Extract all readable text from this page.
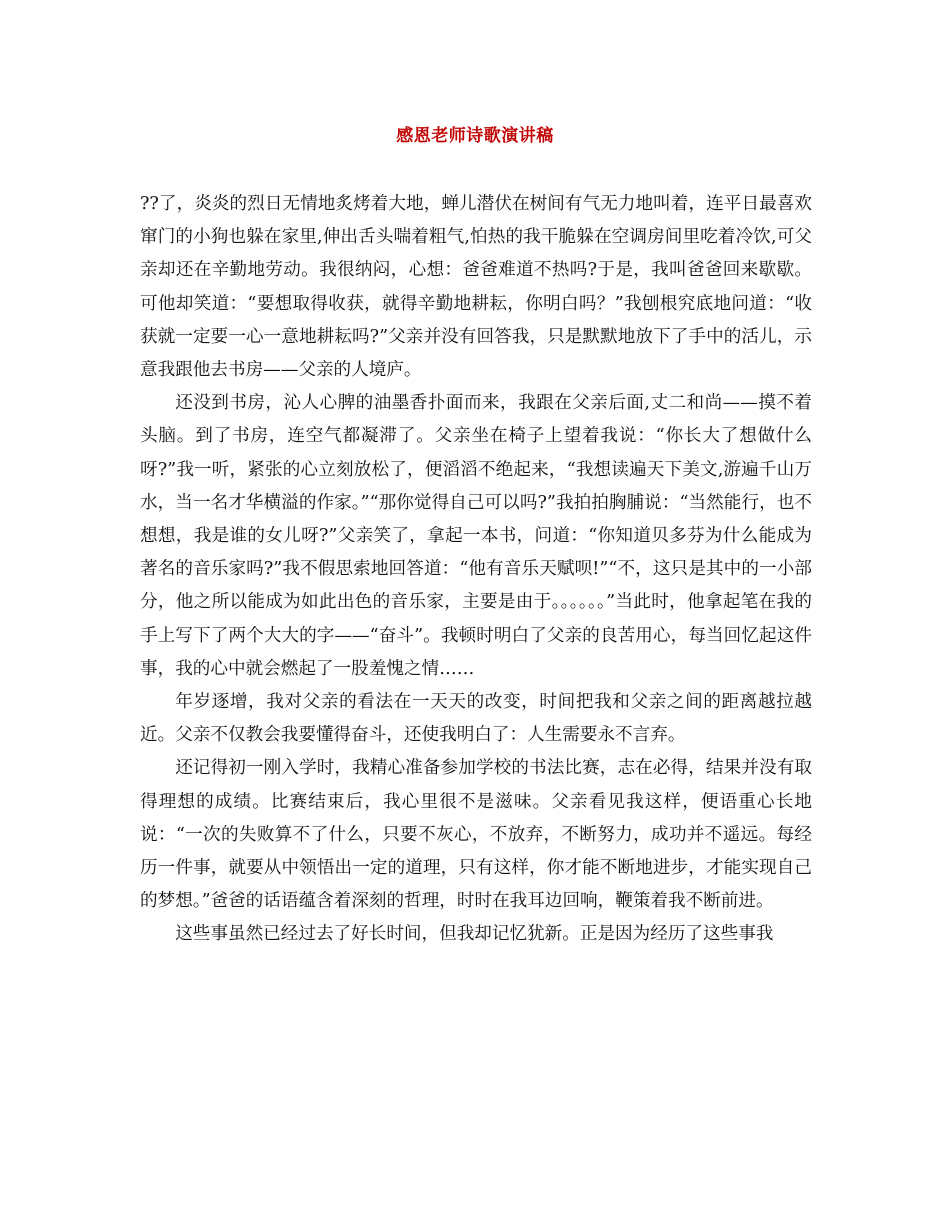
感恩老师诗歌演讲稿

??了，炎炎的烈日无情地炙烤着大地，蝉儿潜伏在树间有气无力地叫着，连平日最喜欢窜门的小狗也躲在家里,伸出舌头喘着粗气,怕热的我干脆躲在空调房间里吃着冷饮,可父亲却还在辛勤地劳动。我很纳闷，心想：爸爸难道不热吗?于是，我叫爸爸回来歇歇。可他却笑道：“要想取得收获，就得辛勤地耕耘，你明白吗？”我刨根究底地问道：“收获就一定要一心一意地耕耘吗?”父亲并没有回答我，只是默默地放下了手中的活儿，示意我跟他去书房——父亲的人境庐。

还没到书房，沁人心脾的油墨香扑面而来，我跟在父亲后面,丈二和尚——摸不着头脑。到了书房，连空气都凝滞了。父亲坐在椅子上望着我说：“你长大了想做什么呀?”我一听，紧张的心立刻放松了，便滔滔不绝起来，“我想读遍天下美文,游遍千山万水，当一名才华横溢的作家。”“那你觉得自己可以吗?”我拍拍胸脯说：“当然能行，也不想想，我是谁的女儿呀?”父亲笑了，拿起一本书，问道：“你知道贝多芬为什么能成为著名的音乐家吗?”我不假思索地回答道：“他有音乐天赋呗!”“不，这只是其中的一小部分，他之所以能成为如此出色的音乐家，主要是由于。。。。。。”当此时，他拿起笔在我的手上写下了两个大大的字——“奋斗”。我顿时明白了父亲的良苦用心，每当回忆起这件事，我的心中就会燃起了一股羞愧之情……

年岁逐增，我对父亲的看法在一天天的改变，时间把我和父亲之间的距离越拉越近。父亲不仅教会我要懂得奋斗，还使我明白了：人生需要永不言弃。

还记得初一刚入学时，我精心准备参加学校的书法比赛，志在必得，结果并没有取得理想的成绩。比赛结束后，我心里很不是滋味。父亲看见我这样，便语重心长地说：“一次的失败算不了什么，只要不灰心，不放弃，不断努力，成功并不遥远。每经历一件事，就要从中领悟出一定的道理，只有这样，你才能不断地进步，才能实现自己的梦想。”爸爸的话语蕴含着深刻的哲理，时时在我耳边回响，鞭策着我不断前进。

这些事虽然已经过去了好长时间，但我却记忆犹新。正是因为经历了这些事我
